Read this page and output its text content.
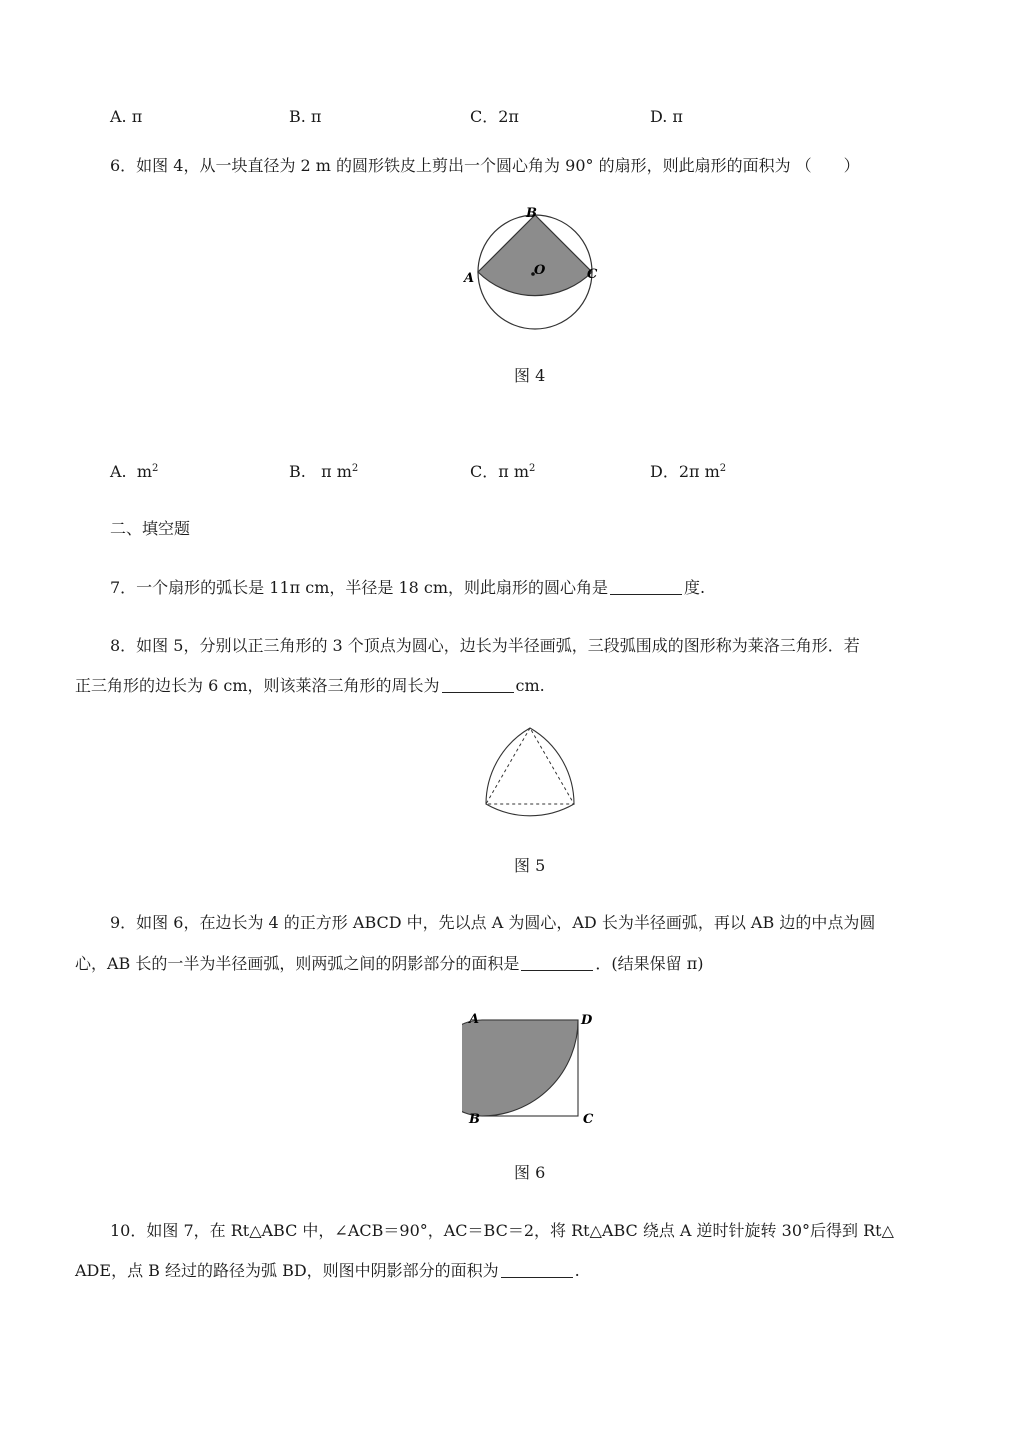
A. π	B. π	C．2π	D. π
6．如图 4，从一块直径为 2 m 的圆形铁皮上剪出一个圆心角为 90° 的扇形，则此扇形的面积为 （　　）
B
A	C
O
图 4
A. $m^2$	B. π $m^2$	C．π $m^2$	D．2π $m^2$
二、填空题
7．一个扇形的弧长是 11π cm，半径是 18 cm，则此扇形的圆心角是	度.
8．如图 5，分别以正三角形的 3 个顶点为圆心，边长为半径画弧，三段弧围成的图形称为莱洛三角形．若
正三角形的边长为 6 cm，则该莱洛三角形的周长为	cm.
图 5
9．如图 6，在边长为 4 的正方形 ABCD 中，先以点 A 为圆心，AD 长为半径画弧，再以 AB 边的中点为圆
心，AB 长的一半为半径画弧，则两弧之间的阴影部分的面积是	．(结果保留 π)
A	D
B	C
图 6
10．如图 7，在 Rt△ABC 中，∠ACB＝90°，AC＝BC＝2，将 Rt△ABC 绕点 A 逆时针旋转 30°后得到 Rt△
ADE，点 B 经过的路径为弧 BD，则图中阴影部分的面积为	.
